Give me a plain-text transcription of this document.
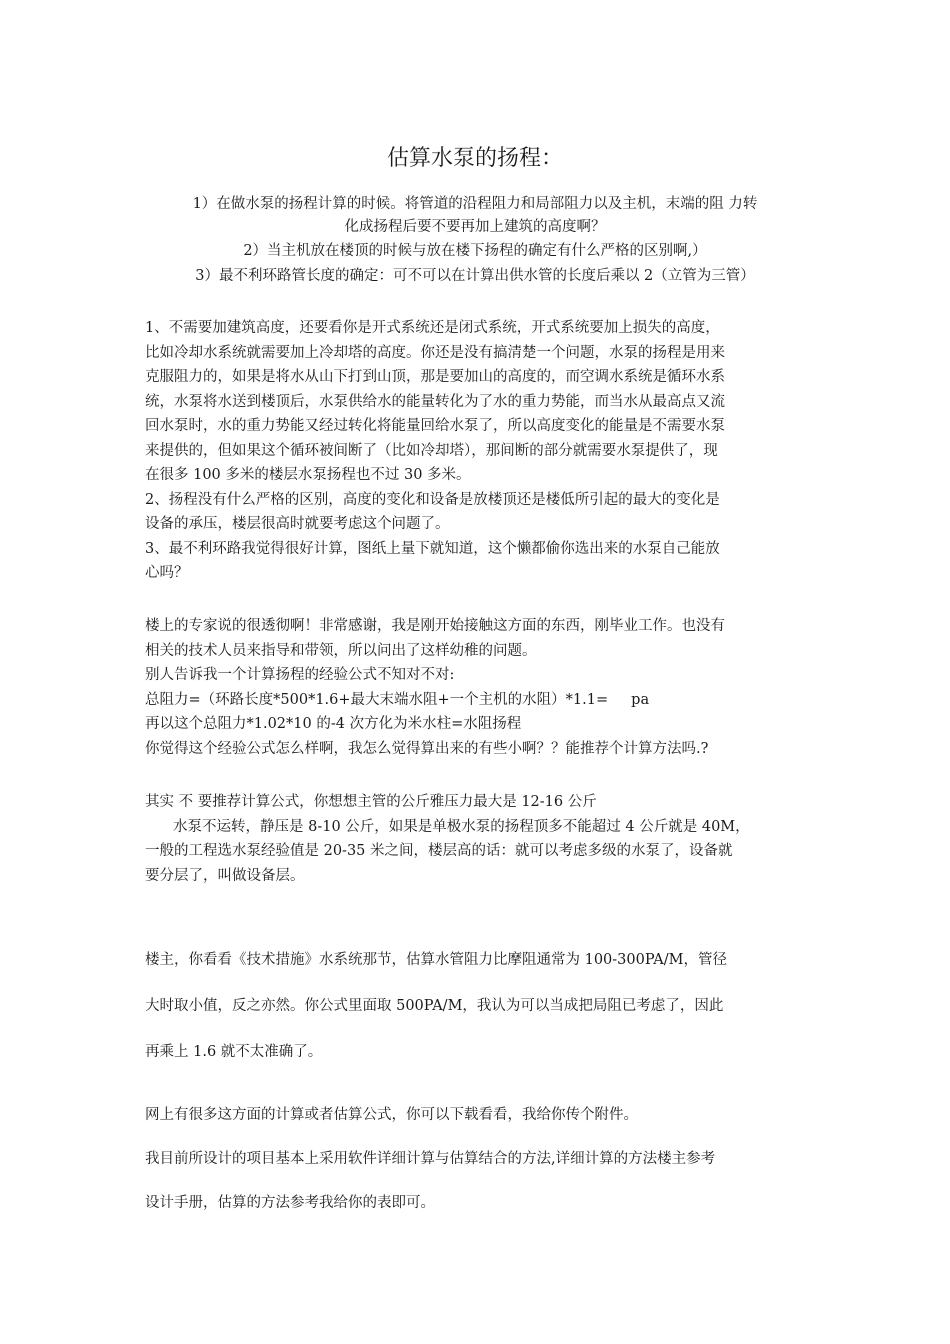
估算水泵的扬程：
1）在做水泵的扬程计算的时候。将管道的沿程阻力和局部阻力以及主机，末端的阻 力转
化成扬程后要不要再加上建筑的高度啊？
2）当主机放在楼顶的时候与放在楼下扬程的确定有什么严格的区别啊,）
3）最不利环路管长度的确定：可不可以在计算出供水管的长度后乘以 2（立管为三管）
1、不需要加建筑高度，还要看你是开式系统还是闭式系统，开式系统要加上损失的高度，
比如冷却水系统就需要加上冷却塔的高度。你还是没有搞清楚一个问题，水泵的扬程是用来
克服阻力的，如果是将水从山下打到山顶，那是要加山的高度的，而空调水系统是循环水系
统，水泵将水送到楼顶后，水泵供给水的能量转化为了水的重力势能，而当水从最高点又流
回水泵时，水的重力势能又经过转化将能量回给水泵了，所以高度变化的能量是不需要水泵
来提供的，但如果这个循环被间断了（比如冷却塔），那间断的部分就需要水泵提供了，现
在很多 100 多米的楼层水泵扬程也不过 30 多米。
2、扬程没有什么严格的区别，高度的变化和设备是放楼顶还是楼低所引起的最大的变化是
设备的承压，楼层很高时就要考虑这个问题了。
3、最不利环路我觉得很好计算，图纸上量下就知道，这个懒都偷你选出来的水泵自己能放
心吗？
楼上的专家说的很透彻啊！非常感谢，我是刚开始接触这方面的东西，刚毕业工作。也没有
相关的技术人员来指导和带领，所以问出了这样幼稚的问题。
别人告诉我一个计算扬程的经验公式不知对不对:
总阻力=（环路长度*500*1.6+最大末端水阻+一个主机的水阻）*1.1=     pa
再以这个总阻力*1.02*10 的-4 次方化为米水柱=水阻扬程
你觉得这个经验公式怎么样啊，我怎么觉得算出来的有些小啊？？能推荐个计算方法吗.?
其实 不 要推荐计算公式，你想想主管的公斤雅压力最大是 12-16 公斤
水泵不运转，静压是 8-10 公斤，如果是单极水泵的扬程顶多不能超过 4 公斤就是 40M，
一般的工程选水泵经验值是 20-35 米之间，楼层高的话：就可以考虑多级的水泵了，设备就
要分层了，叫做设备层。
楼主，你看看《技术措施》水系统那节，估算水管阻力比摩阻通常为 100-300PA/M，管径
大时取小值，反之亦然。你公式里面取 500PA/M，我认为可以当成把局阻已考虑了，因此
再乘上 1.6 就不太准确了。
网上有很多这方面的计算或者估算公式，你可以下载看看，我给你传个附件。
我目前所设计的项目基本上采用软件详细计算与估算结合的方法,详细计算的方法楼主参考
设计手册，估算的方法参考我给你的表即可。
